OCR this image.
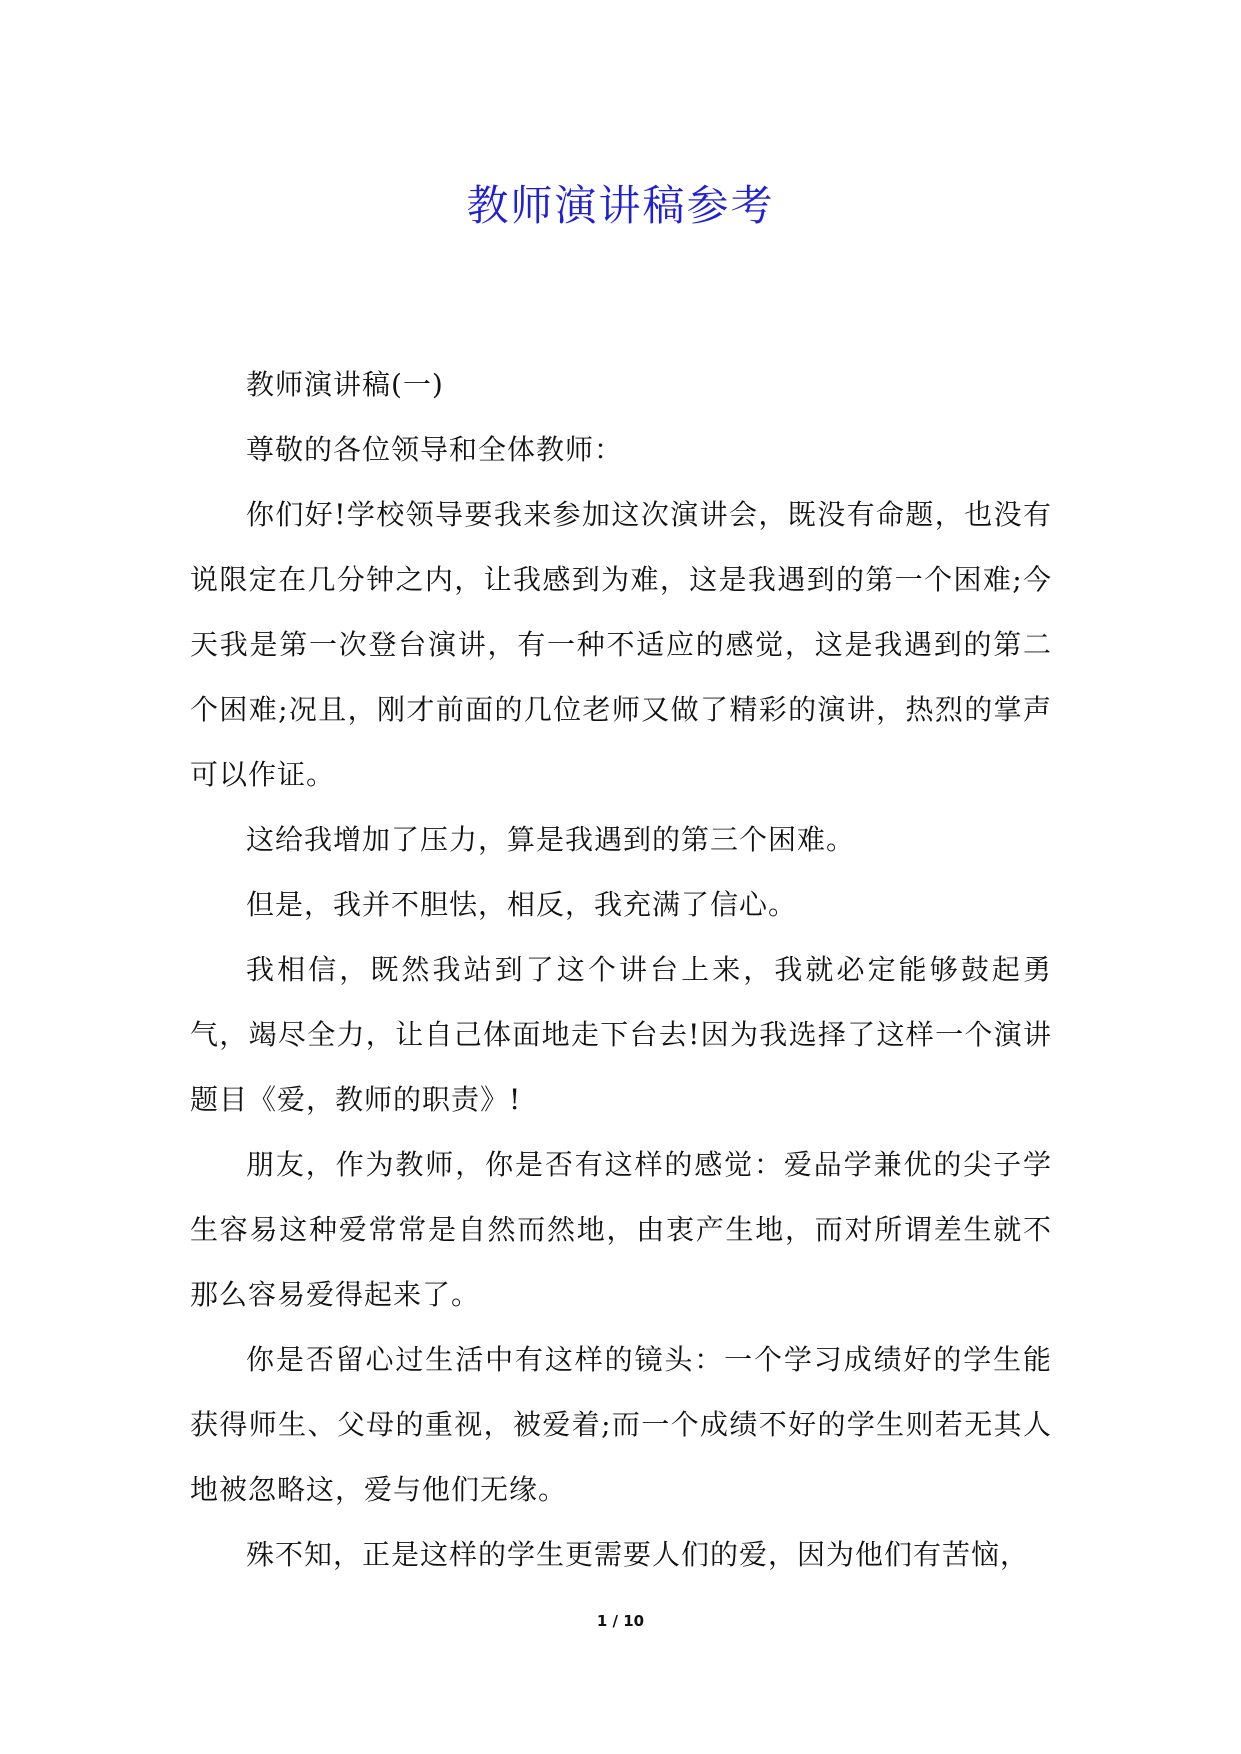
教师演讲稿参考

教师演讲稿(一)

尊敬的各位领导和全体教师：

你们好!学校领导要我来参加这次演讲会，既没有命题，也没有说限定在几分钟之内，让我感到为难，这是我遇到的第一个困难;今天我是第一次登台演讲，有一种不适应的感觉，这是我遇到的第二个困难;况且，刚才前面的几位老师又做了精彩的演讲，热烈的掌声可以作证。

这给我增加了压力，算是我遇到的第三个困难。

但是，我并不胆怯，相反，我充满了信心。

我相信，既然我站到了这个讲台上来，我就必定能够鼓起勇气，竭尽全力，让自己体面地走下台去!因为我选择了这样一个演讲题目《爱，教师的职责》!

朋友，作为教师，你是否有这样的感觉：爱品学兼优的尖子学生容易这种爱常常是自然而然地，由衷产生地，而对所谓差生就不那么容易爱得起来了。

你是否留心过生活中有这样的镜头：一个学习成绩好的学生能获得师生、父母的重视，被爱着;而一个成绩不好的学生则若无其人地被忽略这，爱与他们无缘。

殊不知，正是这样的学生更需要人们的爱，因为他们有苦恼，

1 / 10
